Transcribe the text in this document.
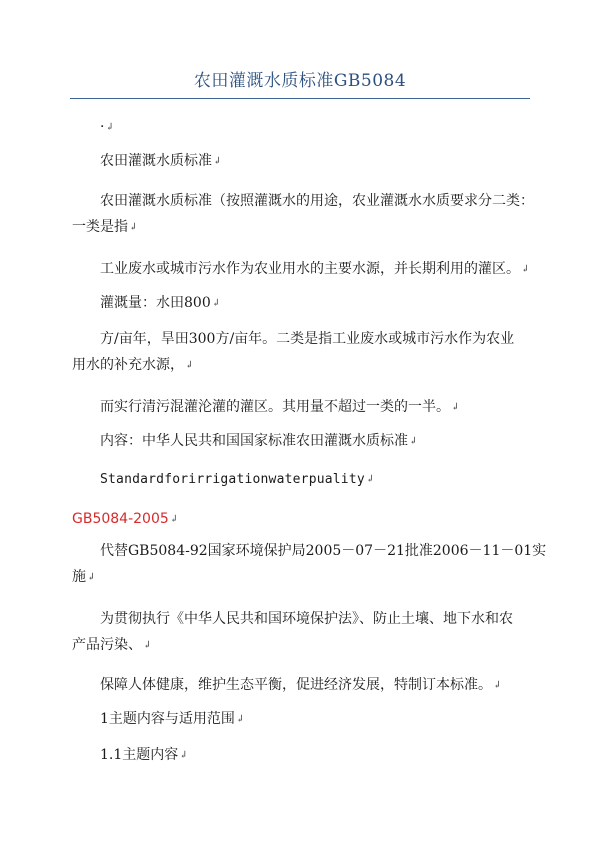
农田灌溉水质标准GB5084
·↲
农田灌溉水质标准↲
农田灌溉水质标准（按照灌溉水的用途，农业灌溉水水质要求分二类：
一类是指↲
工业废水或城市污水作为农业用水的主要水源，并长期利用的灌区。↲
灌溉量：水田800↲
方/亩年，旱田300方/亩年。二类是指工业废水或城市污水作为农业
用水的补充水源，↲
而实行清污混灌沦灌的灌区。其用量不超过一类的一半。↲
内容：中华人民共和国国家标准农田灌溉水质标准↲
Standardforirrigationwaterpuality↲
GB5084-2005↲
代替GB5084-92国家环境保护局2005－07－21批准2006－11－01实
施↲
为贯彻执行《中华人民共和国环境保护法》、防止土壤、地下水和农
产品污染、↲
保障人体健康，维护生态平衡，促进经济发展，特制订本标准。↲
1主题内容与适用范围↲
1.1主题内容↲
